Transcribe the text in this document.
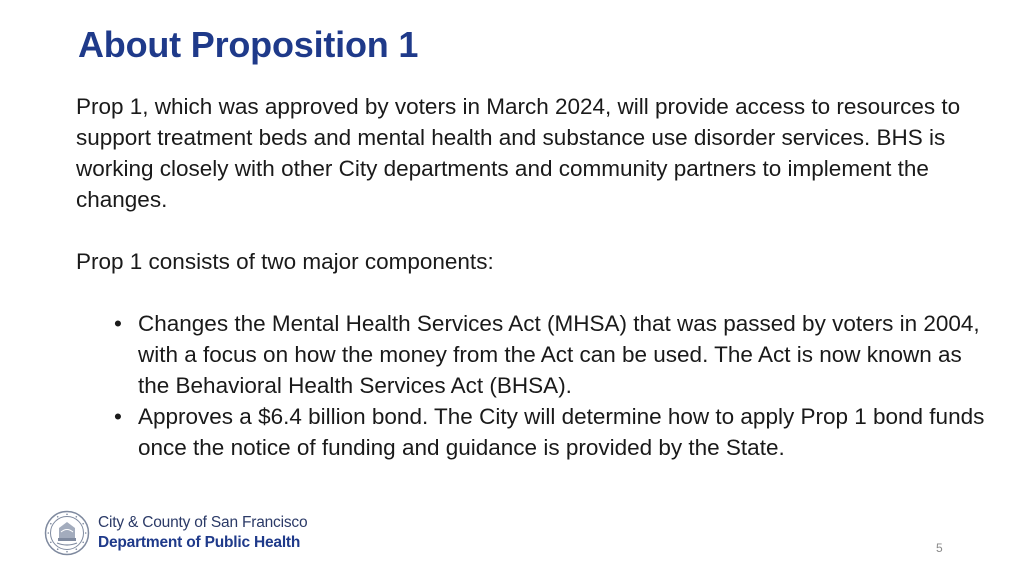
About Proposition 1

Prop 1, which was approved by voters in March 2024, will provide access to resources to support treatment beds and mental health and substance use disorder services. BHS is working closely with other City departments and community partners to implement the changes.

Prop 1 consists of two major components:

• Changes the Mental Health Services Act (MHSA) that was passed by voters in 2004, with a focus on how the money from the Act can be used. The Act is now known as the Behavioral Health Services Act (BHSA).
• Approves a $6.4 billion bond. The City will determine how to apply Prop 1 bond funds once the notice of funding and guidance is provided by the State.
City & County of San Francisco
Department of Public Health	5
